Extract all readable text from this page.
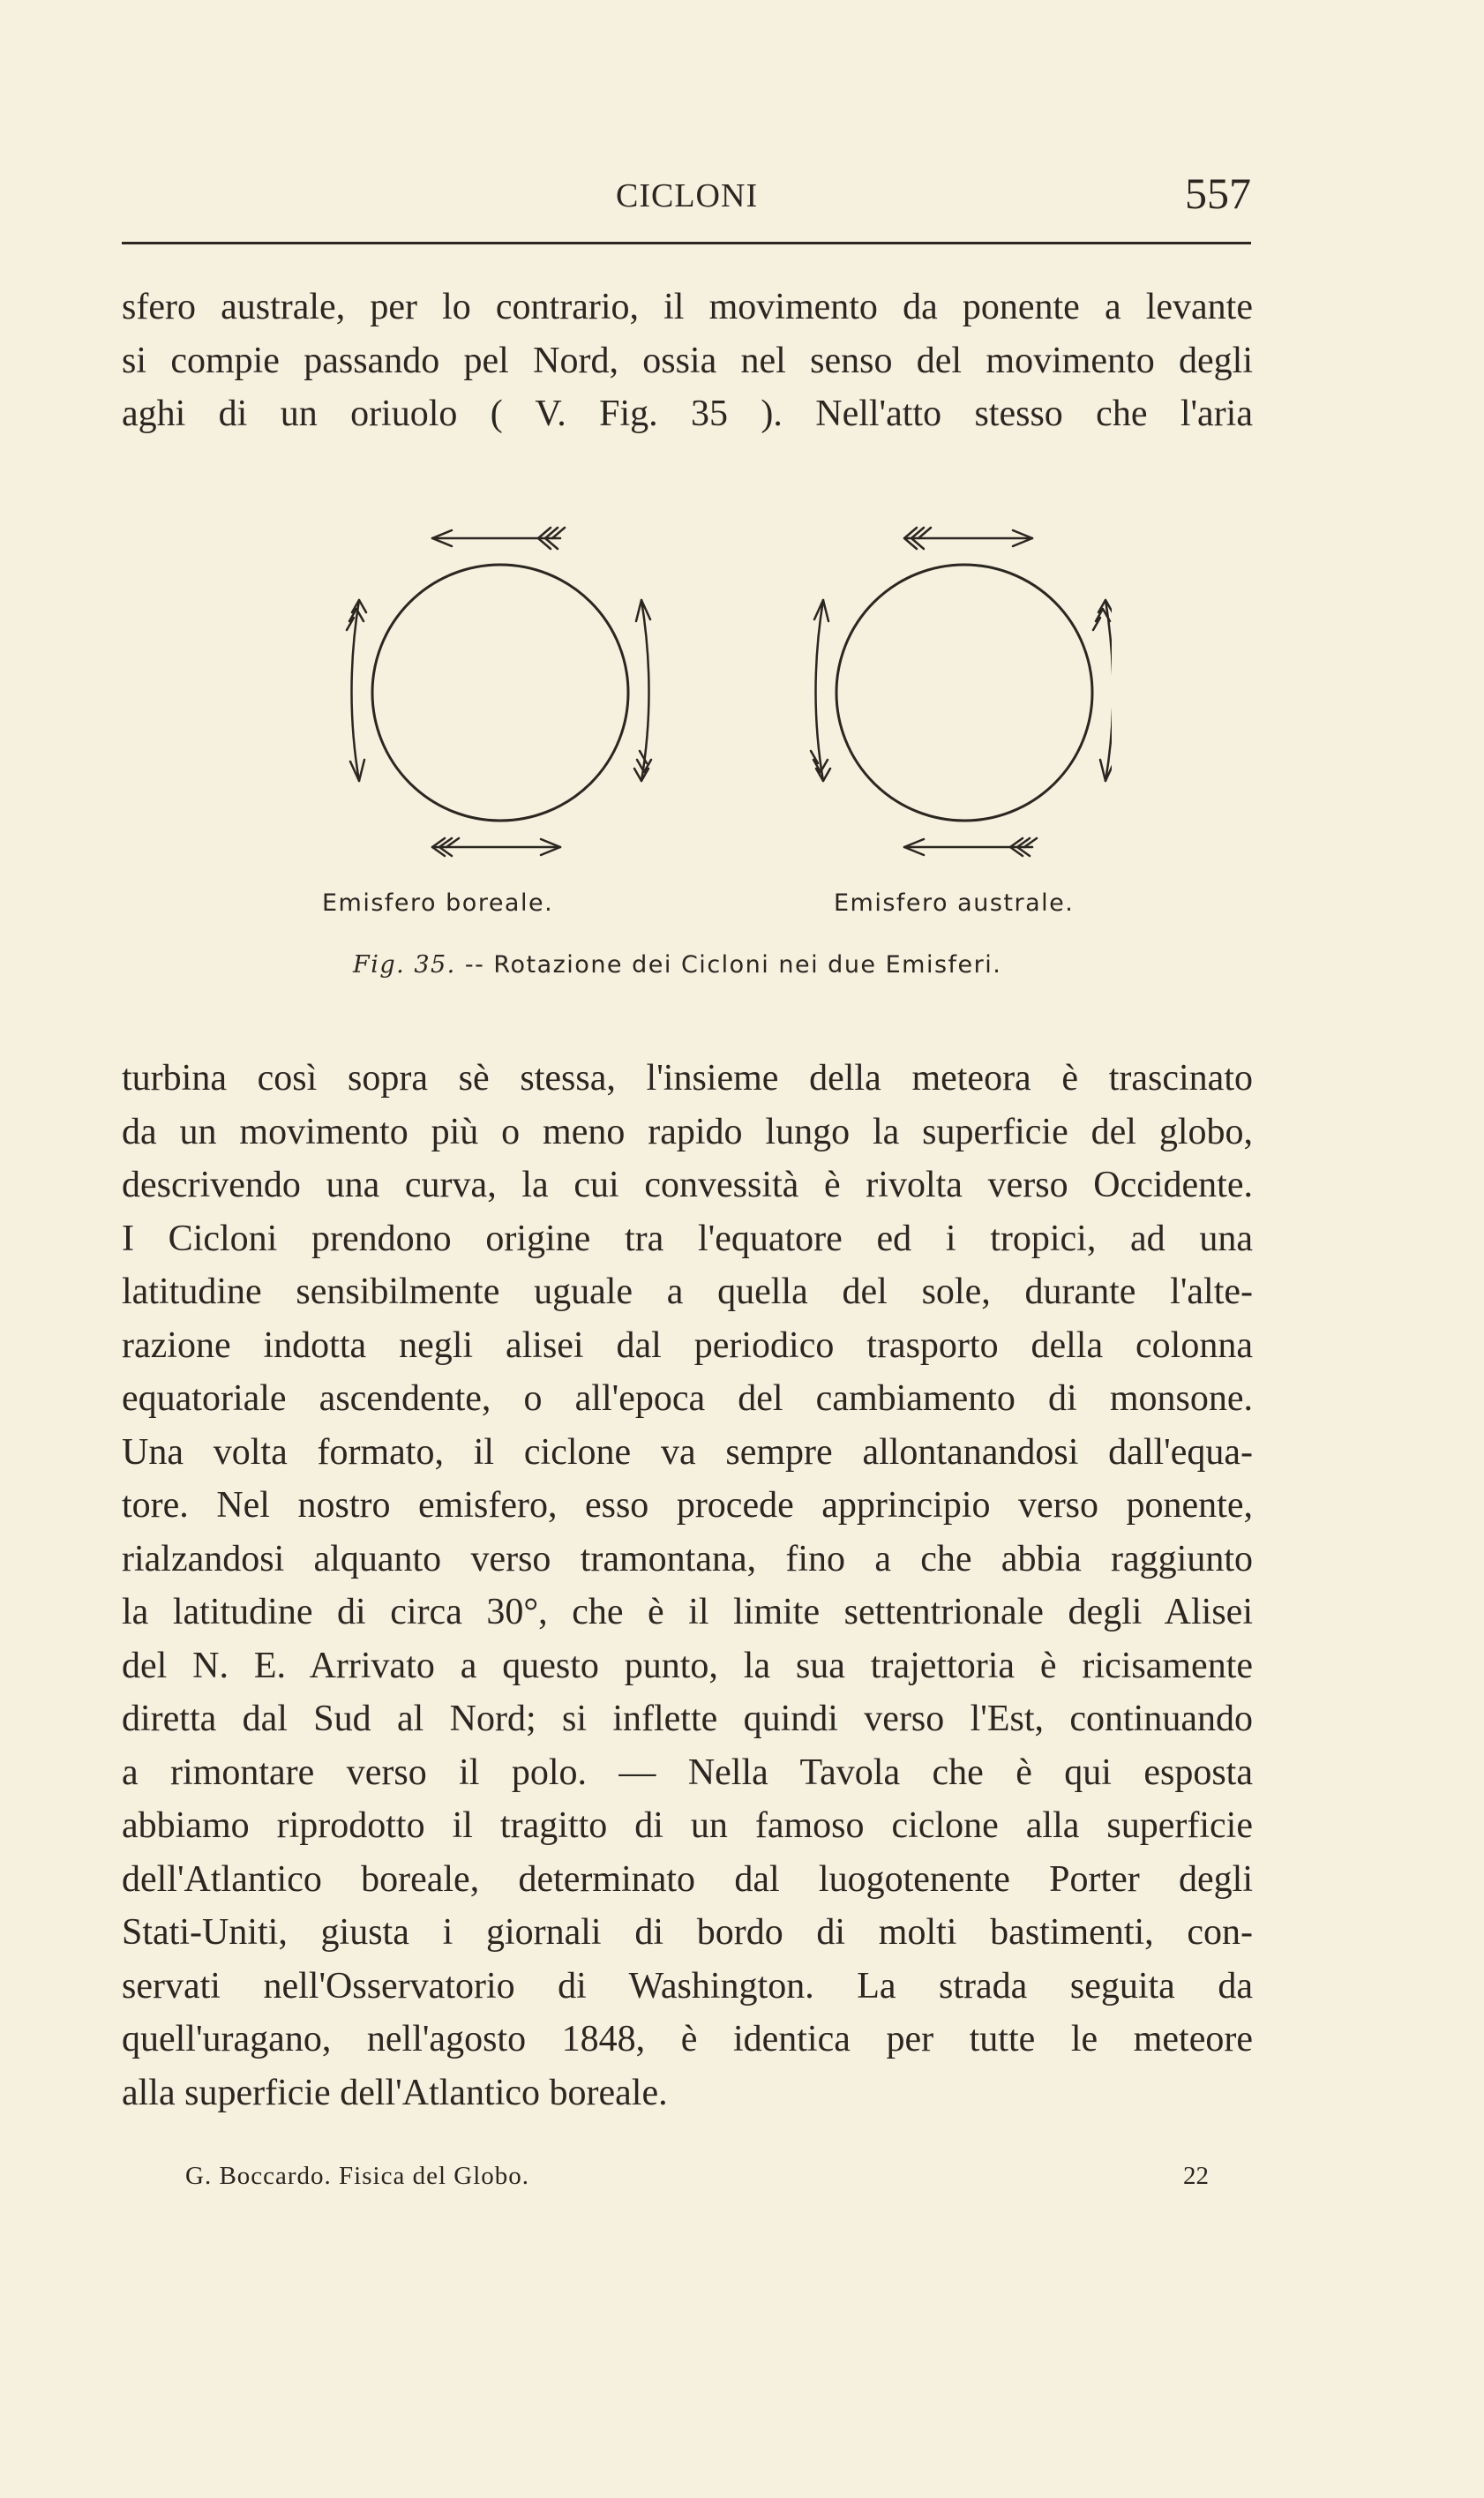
CICLONI	557
sfero australe, per lo contrario, il movimento da ponente a levante
si compie passando pel Nord, ossia nel senso del movimento degli
aghi di un oriuolo ( V. Fig. 35 ). Nell'atto stesso che l'aria
Emisfero boreale.	Emisfero australe.
Fig. 35. -- Rotazione dei Cicloni nei due Emisferi.
turbina così sopra sè stessa, l'insieme della meteora è trascinato
da un movimento più o meno rapido lungo la superficie del globo,
descrivendo una curva, la cui convessità è rivolta verso Occidente.
I Cicloni prendono origine tra l'equatore ed i tropici, ad una
latitudine sensibilmente uguale a quella del sole, durante l'alte-
razione indotta negli alisei dal periodico trasporto della colonna
equatoriale ascendente, o all'epoca del cambiamento di monsone.
Una volta formato, il ciclone va sempre allontanandosi dall'equa-
tore. Nel nostro emisfero, esso procede apprincipio verso ponente,
rialzandosi alquanto verso tramontana, fino a che abbia raggiunto
la latitudine di circa 30°, che è il limite settentrionale degli Alisei
del N. E. Arrivato a questo punto, la sua trajettoria è ricisamente
diretta dal Sud al Nord; si inflette quindi verso l'Est, continuando
a rimontare verso il polo. — Nella Tavola che è qui esposta
abbiamo riprodotto il tragitto di un famoso ciclone alla superficie
dell'Atlantico boreale, determinato dal luogotenente Porter degli
Stati-Uniti, giusta i giornali di bordo di molti bastimenti, con-
servati nell'Osservatorio di Washington. La strada seguita da
quell'uragano, nell'agosto 1848, è identica per tutte le meteore
alla superficie dell'Atlantico boreale.
G. Boccardo. Fisica del Globo.	22
